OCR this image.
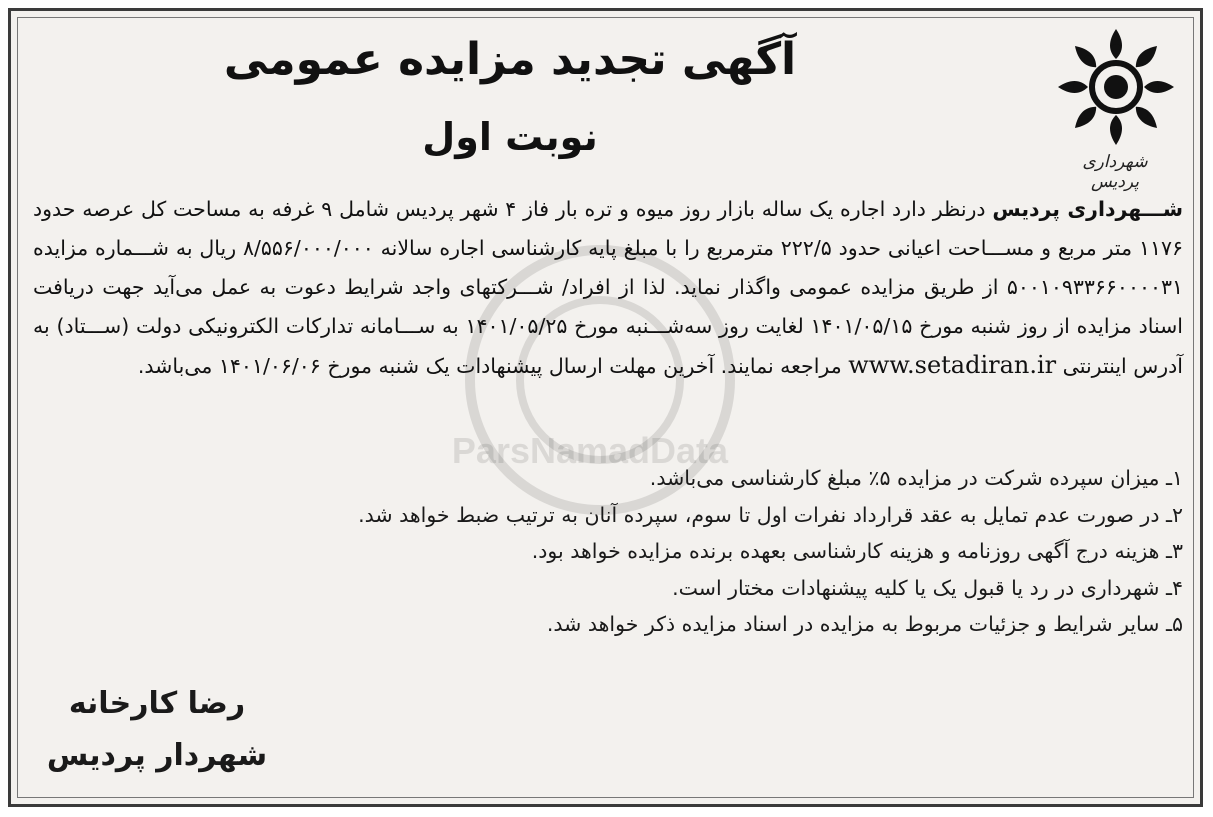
ParsNamadData
شهرداری پردیس
آگهی تجدید مزایده عمومی
نوبت اول
شـــهرداری پردیس درنظر دارد اجاره یک ساله بازار روز میوه و تره بار فاز ۴ شهر پردیس شامل ۹ غرفه به مساحت کل عرصه حدود ۱۱۷۶ متر مربع و مســـاحت اعیانی حدود ۲۲۲/۵ مترمربع را با مبلغ پایه کارشناسی اجاره سالانه ۸/۵۵۶/۰۰۰/۰۰۰ ریال به شـــماره مزایده ۵۰۰۱۰۹۳۳۶۶۰۰۰۰۳۱ از طریق مزایده عمومی واگذار نماید. لذا از افراد/ شـــرکتهای واجد شرایط دعوت به عمل می‌آید جهت دریافت اسناد مزایده از روز شنبه مورخ ۱۴۰۱/۰۵/۱۵ لغایت روز سه‌شـــنبه مورخ ۱۴۰۱/۰۵/۲۵ به ســـامانه تدارکات الکترونیکی دولت (ســـتاد) به آدرس اینترنتی www.setadiran.ir مراجعه نمایند. آخرین مهلت ارسال پیشنهادات یک شنبه مورخ ۱۴۰۱/۰۶/۰۶ می‌باشد.
۱ـ میزان سپرده شرکت در مزایده ۵٪ مبلغ کارشناسی می‌باشد.
۲ـ در صورت عدم تمایل به عقد قرارداد نفرات اول تا سوم، سپرده آنان به ترتیب ضبط خواهد شد.
۳ـ هزینه درج آگهی روزنامه و هزینه کارشناسی بعهده برنده مزایده خواهد بود.
۴ـ شهرداری در رد یا قبول یک یا کلیه پیشنهادات مختار است.
۵ـ سایر شرایط و جزئیات مربوط به مزایده در اسناد مزایده ذکر خواهد شد.
رضا کارخانه
شهردار پردیس
